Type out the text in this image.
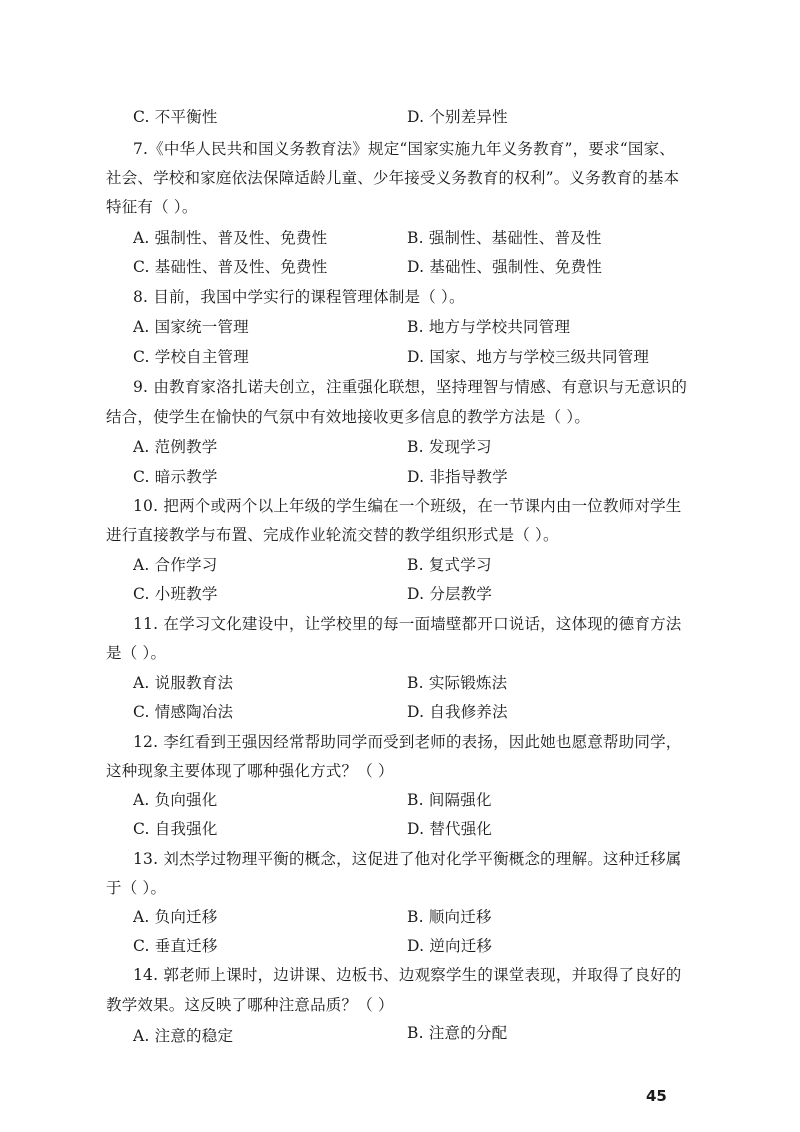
C. 不平衡性	D. 个别差异性
7.《中华人民共和国义务教育法》规定“国家实施九年义务教育”，要求“国家、
社会、学校和家庭依法保障适龄儿童、少年接受义务教育的权利”。义务教育的基本
特征有（ ）。
A. 强制性、普及性、免费性	B. 强制性、基础性、普及性
C. 基础性、普及性、免费性	D. 基础性、强制性、免费性
8. 目前，我国中学实行的课程管理体制是（ ）。
A. 国家统一管理	B. 地方与学校共同管理
C. 学校自主管理	D. 国家、地方与学校三级共同管理
9. 由教育家洛扎诺夫创立，注重强化联想，坚持理智与情感、有意识与无意识的
结合，使学生在愉快的气氛中有效地接收更多信息的教学方法是（ ）。
A. 范例教学	B. 发现学习
C. 暗示教学	D. 非指导教学
10. 把两个或两个以上年级的学生编在一个班级，在一节课内由一位教师对学生
进行直接教学与布置、完成作业轮流交替的教学组织形式是（ ）。
A. 合作学习	B. 复式学习
C. 小班教学	D. 分层教学
11. 在学习文化建设中，让学校里的每一面墙壁都开口说话，这体现的德育方法
是（ ）。
A. 说服教育法	B. 实际锻炼法
C. 情感陶冶法	D. 自我修养法
12. 李红看到王强因经常帮助同学而受到老师的表扬，因此她也愿意帮助同学，
这种现象主要体现了哪种强化方式？（ ）
A. 负向强化	B. 间隔强化
C. 自我强化	D. 替代强化
13. 刘杰学过物理平衡的概念，这促进了他对化学平衡概念的理解。这种迁移属
于（ ）。
A. 负向迁移	B. 顺向迁移
C. 垂直迁移	D. 逆向迁移
14. 郭老师上课时，边讲课、边板书、边观察学生的课堂表现，并取得了良好的
教学效果。这反映了哪种注意品质？（ ）
A. 注意的稳定	B. 注意的分配
45
